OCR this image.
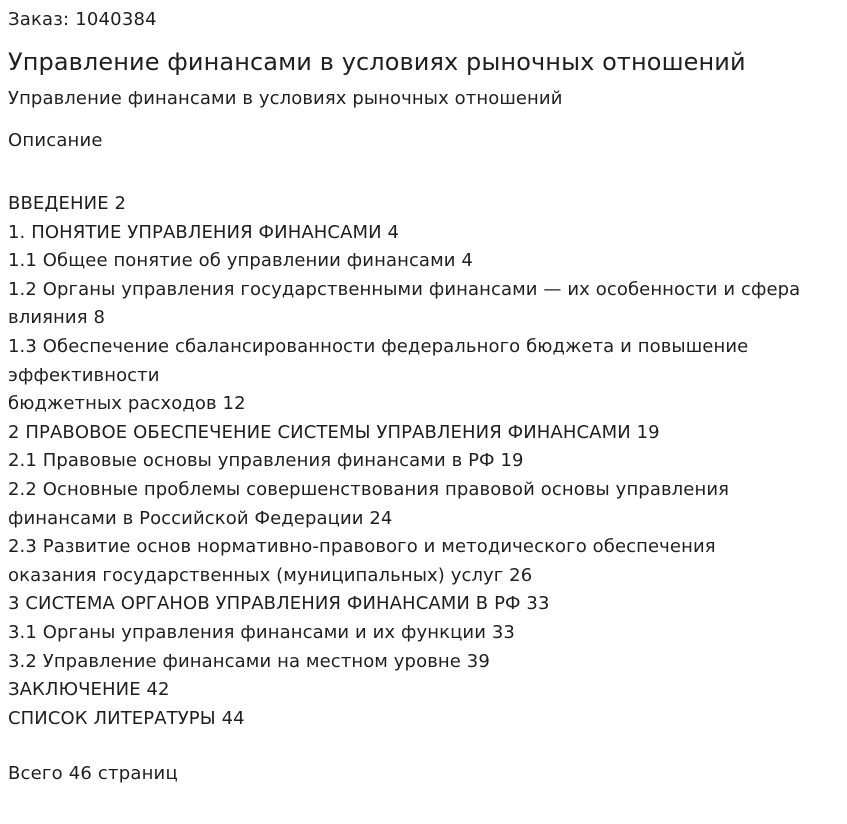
Заказ: 1040384
Управление финансами в условиях рыночных отношений
Управление финансами в условиях рыночных отношений
Описание
ВВЕДЕНИЕ 2
1. ПОНЯТИЕ УПРАВЛЕНИЯ ФИНАНСАМИ 4
1.1 Общее понятие об управлении финансами 4
1.2 Органы управления государственными финансами — их особенности и сфера
влияния 8
1.3 Обеспечение сбалансированности федерального бюджета и повышение
эффективности
бюджетных расходов 12
2 ПРАВОВОЕ ОБЕСПЕЧЕНИЕ СИСТЕМЫ УПРАВЛЕНИЯ ФИНАНСАМИ 19
2.1 Правовые основы управления финансами в РФ 19
2.2 Основные проблемы совершенствования правовой основы управления
финансами в Российской Федерации 24
2.3 Развитие основ нормативно-правового и методического обеспечения
оказания государственных (муниципальных) услуг 26
3 СИСТЕМА ОРГАНОВ УПРАВЛЕНИЯ ФИНАНСАМИ В РФ 33
3.1 Органы управления финансами и их функции 33
3.2 Управление финансами на местном уровне 39
ЗАКЛЮЧЕНИЕ 42
СПИСОК ЛИТЕРАТУРЫ 44
Всего 46 страниц
